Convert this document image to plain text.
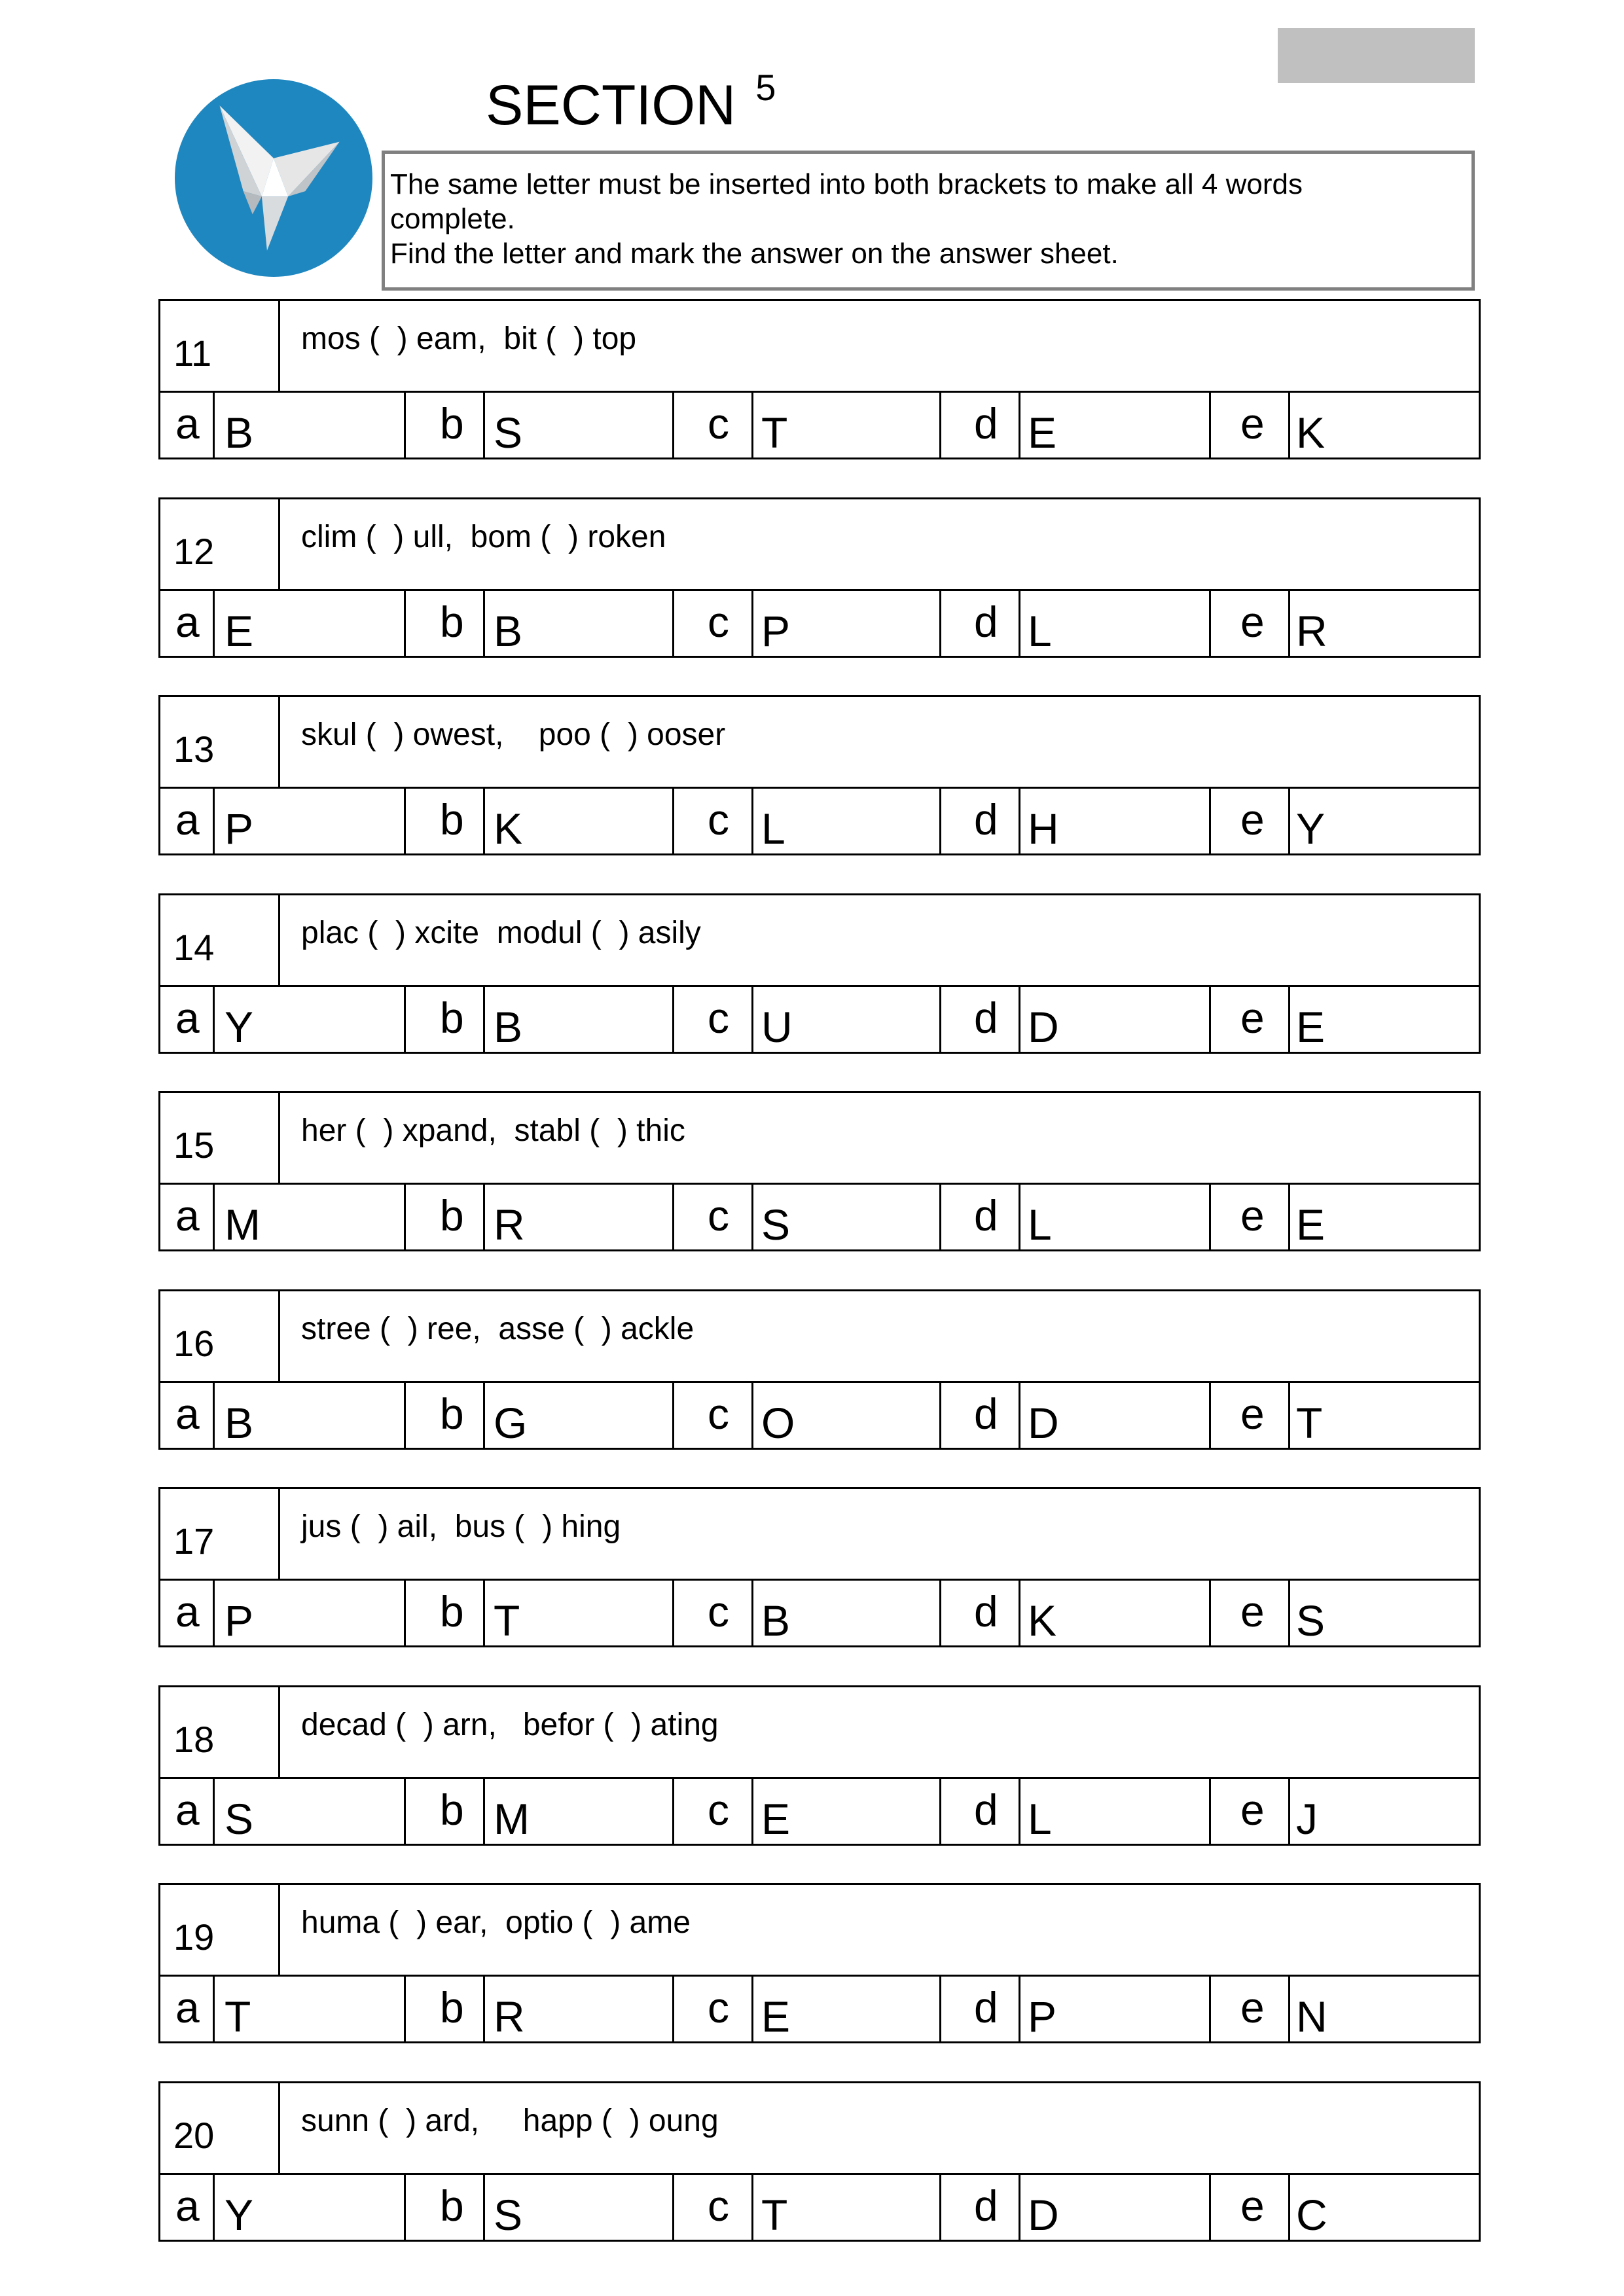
SECTION $^5$
The same letter must be inserted into both brackets to make all 4 words
complete.
Find the letter and mark the answer on the answer sheet.
11	mos (  ) eam,  bit (  ) top
a B	b S	c T	d E	e K
12	clim (  ) ull,  bom (  ) roken
a E	b B	c P	d L	e R
13	skul (  ) owest,    poo (  ) ooser
a P	b K	c L	d H	e Y
14	plac (  ) xcite  modul (  ) asily
a Y	b B	c U	d D	e E
15	her (  ) xpand,  stabl (  ) thic
a M	b R	c S	d L	e E
16	stree (  ) ree,  asse (  ) ackle
a B	b G	c O	d D	e T
17	jus (  ) ail,  bus (  ) hing
a P	b T	c B	d K	e S
18	decad (  ) arn,   befor (  ) ating
a S	b M	c E	d L	e J
19	huma (  ) ear,  optio (  ) ame
a T	b R	c E	d P	e N
20	sunn (  ) ard,     happ (  ) oung
a Y	b S	c T	d D	e C
